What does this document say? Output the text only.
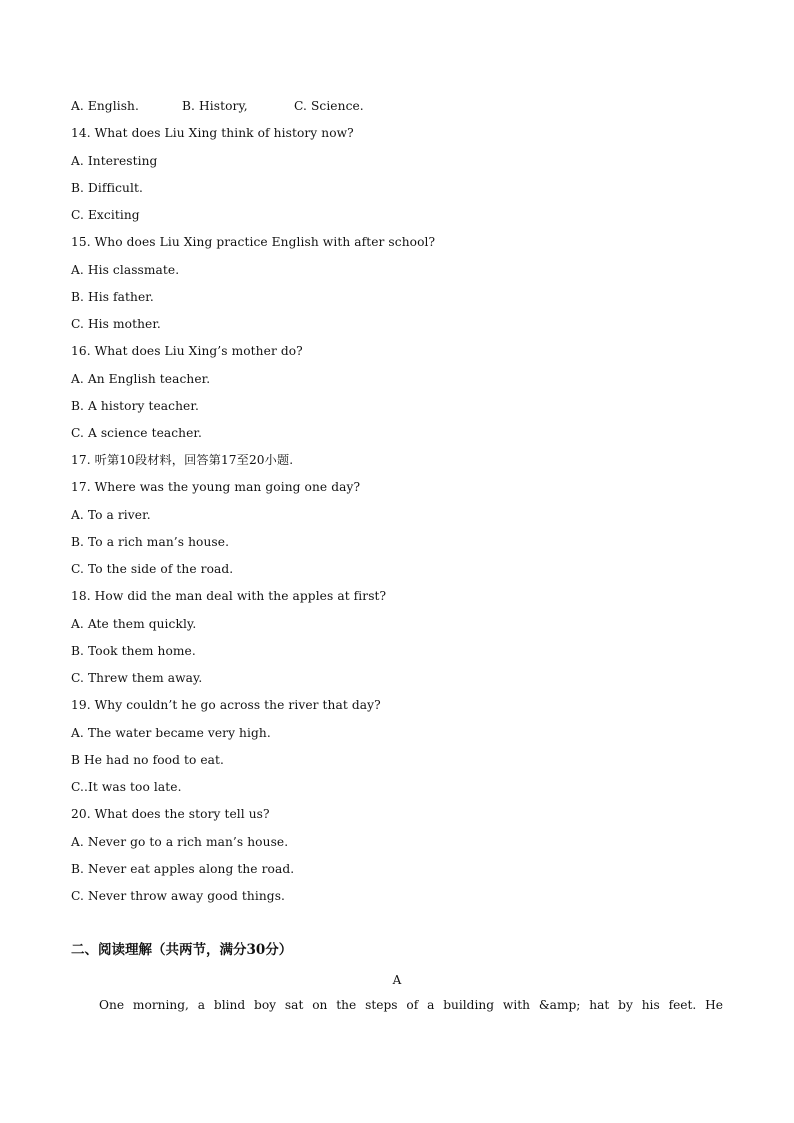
A. English.	B. History,	C. Science.
14. What does Liu Xing think of history now?
A. Interesting
B. Difficult.
C. Exciting
15. Who does Liu Xing practice English with after school?
A. His classmate.
B. His father.
C. His mother.
16. What does Liu Xing’s mother do?
A. An English teacher.
B. A history teacher.
C. A science teacher.
17. 听第10段材料，回答第17至20小题.
17. Where was the young man going one day?
A. To a river.
B. To a rich man’s house.
C. To the side of the road.
18. How did the man deal with the apples at first?
A. Ate them quickly.
B. Took them home.
C. Threw them away.
19. Why couldn’t he go across the river that day?
A. The water became very high.
B He had no food to eat.
C..It was too late.
20. What does the story tell us?
A. Never go to a rich man’s house.
B. Never eat apples along the road.
C. Never throw away good things.
二、阅读理解（共两节，满分30分）
A
One morning, a blind boy sat on the steps of a building with &amp; hat by his feet. He
